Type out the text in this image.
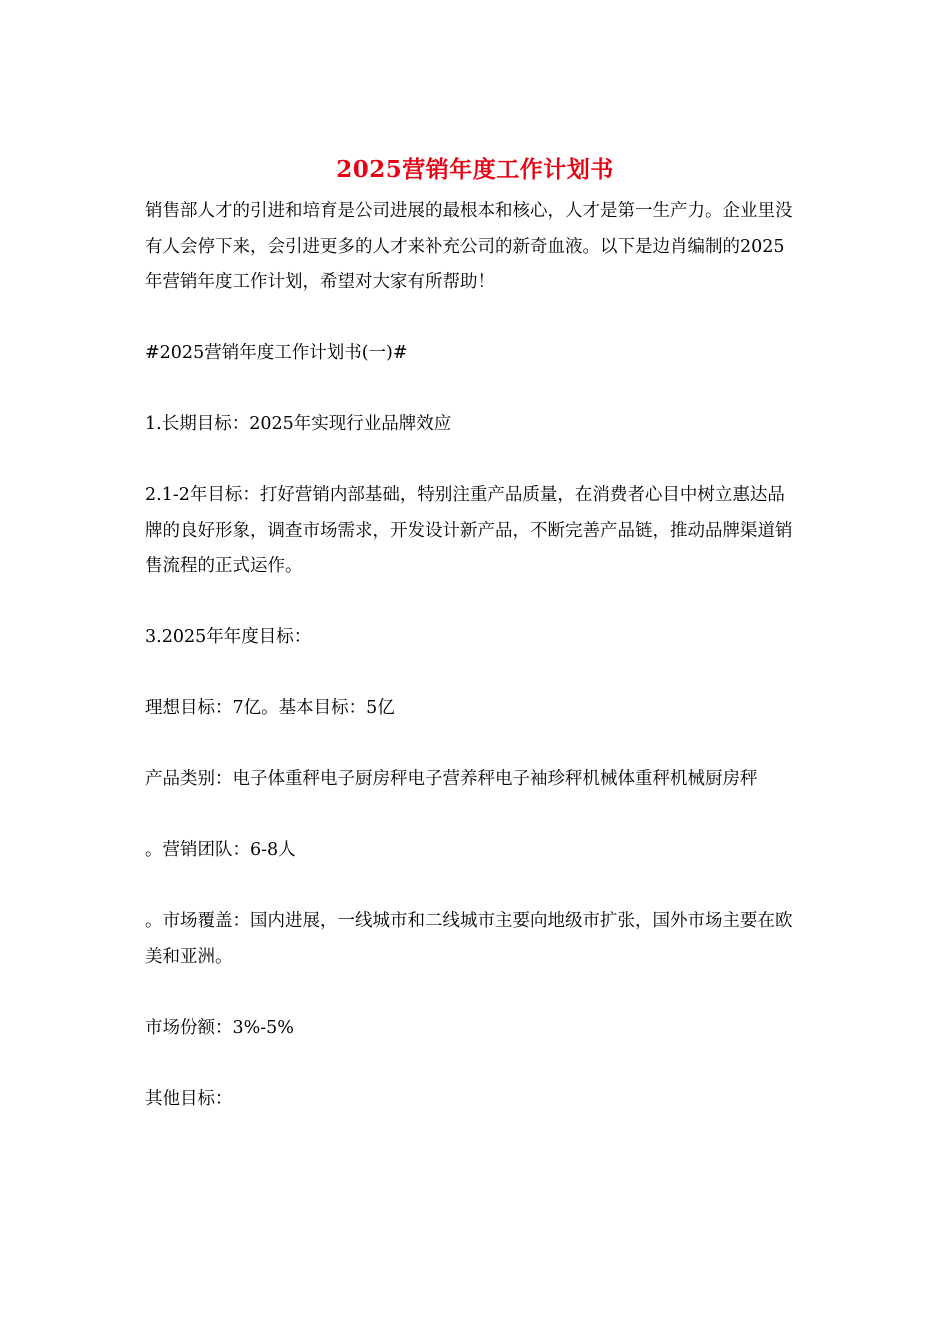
2025营销年度工作计划书

销售部人才的引进和培育是公司进展的最根本和核心，人才是第一生产力。企业里没有人会停下来，会引进更多的人才来补充公司的新奇血液。以下是边肖编制的2025年营销年度工作计划，希望对大家有所帮助！

#2025营销年度工作计划书(一)#

1.长期目标：2025年实现行业品牌效应

2.1-2年目标：打好营销内部基础，特别注重产品质量，在消费者心目中树立惠达品牌的良好形象，调查市场需求，开发设计新产品，不断完善产品链，推动品牌渠道销售流程的正式运作。

3.2025年年度目标：

理想目标：7亿。基本目标：5亿

产品类别：电子体重秤电子厨房秤电子营养秤电子袖珍秤机械体重秤机械厨房秤

。营销团队：6-8人

。市场覆盖：国内进展，一线城市和二线城市主要向地级市扩张，国外市场主要在欧美和亚洲。

市场份额：3%-5%

其他目标：
